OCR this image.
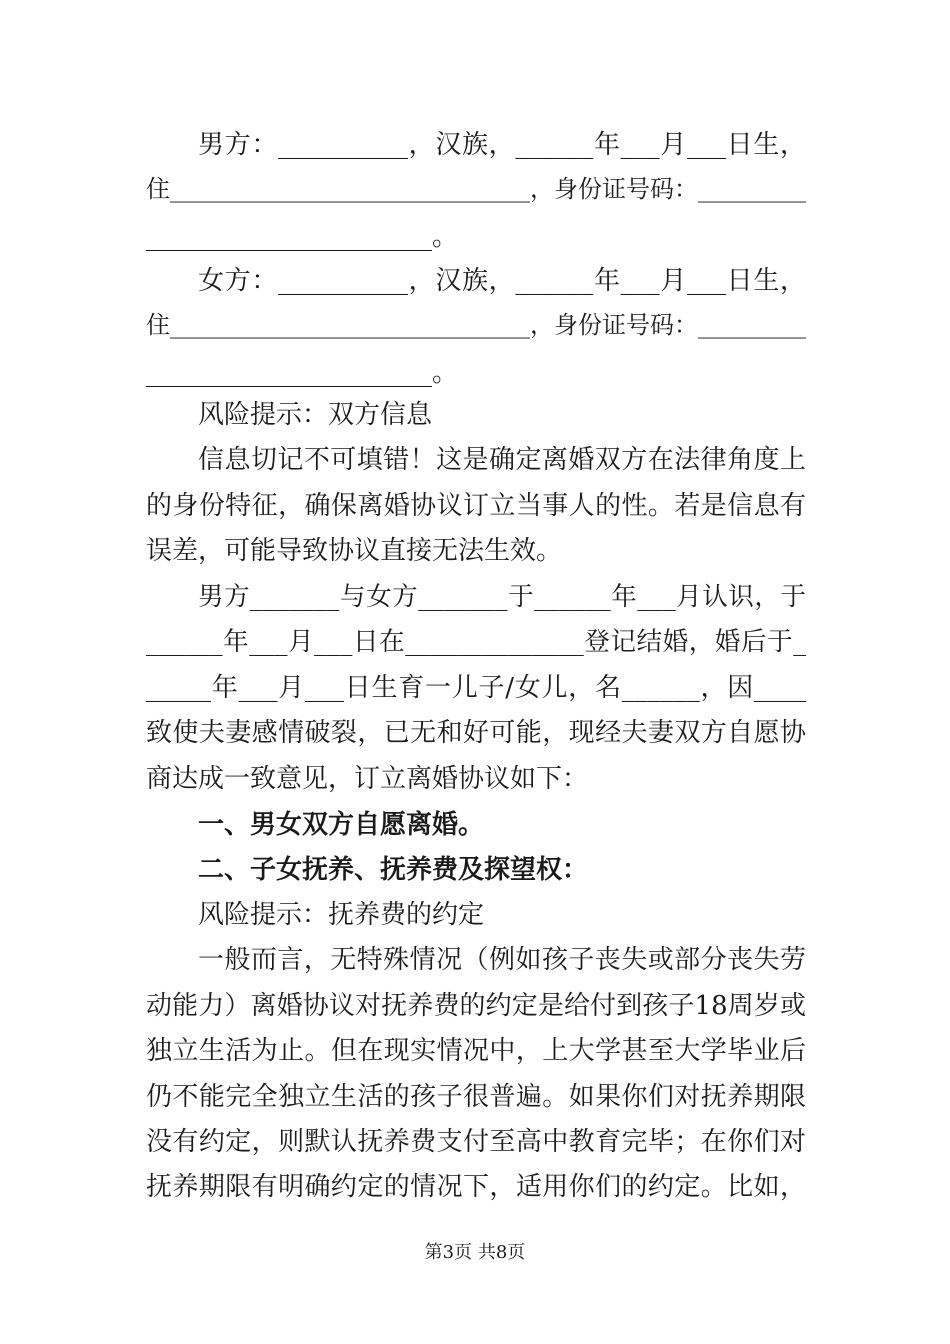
男方：__________，汉族，______年___月___日生，
住______________________________，身份证号码：_________
______________________。
女方：__________，汉族，______年___月___日生，
住______________________________，身份证号码：_________
______________________。
风险提示：双方信息
信息切记不可填错！这是确定离婚双方在法律角度上
的身份特征，确保离婚协议订立当事人的性。若是信息有
误差，可能导致协议直接无法生效。
男方_______与女方_______于______年___月认识，于
______年___月___日在______________登记结婚，婚后于_
_____年___月___日生育一儿子/女儿，名______，因____
致使夫妻感情破裂，已无和好可能，现经夫妻双方自愿协
商达成一致意见，订立离婚协议如下：
一、男女双方自愿离婚。
二、子女抚养、抚养费及探望权：
风险提示：抚养费的约定
一般而言，无特殊情况（例如孩子丧失或部分丧失劳
动能力）离婚协议对抚养费的约定是给付到孩子18周岁或
独立生活为止。但在现实情况中，上大学甚至大学毕业后
仍不能完全独立生活的孩子很普遍。如果你们对抚养期限
没有约定，则默认抚养费支付至高中教育完毕；在你们对
抚养期限有明确约定的情况下，适用你们的约定。比如，
第3页 共8页
